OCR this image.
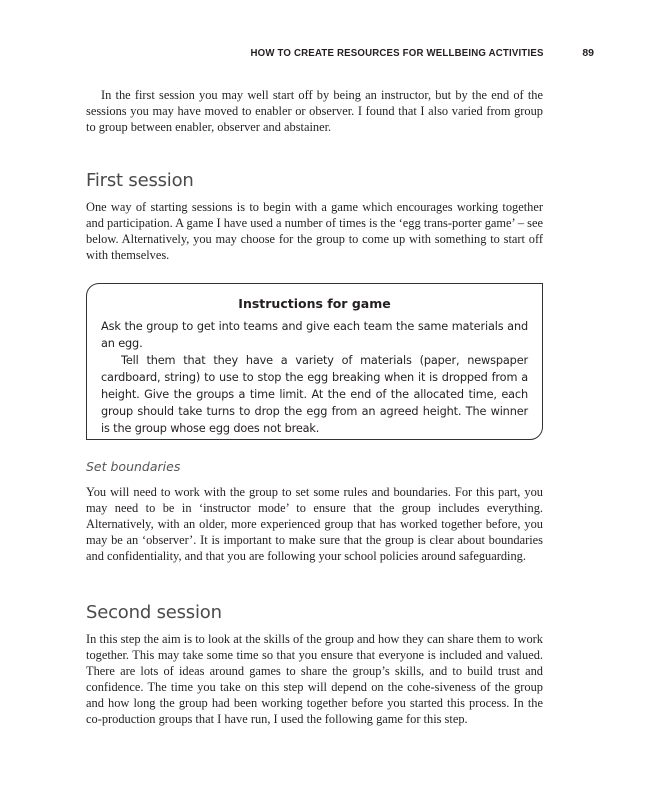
HOW TO CREATE RESOURCES FOR WELLBEING ACTIVITIES	89

In the first session you may well start off by being an instructor, but by the end of the sessions you may have moved to enabler or observer. I found that I also varied from group to group between enabler, observer and abstainer.

First session

One way of starting sessions is to begin with a game which encourages working together and participation. A game I have used a number of times is the ‘egg trans-porter game’ – see below. Alternatively, you may choose for the group to come up with something to start off with themselves.

Instructions for game

Ask the group to get into teams and give each team the same materials and an egg.

Tell them that they have a variety of materials (paper, newspaper cardboard, string) to use to stop the egg breaking when it is dropped from a height. Give the groups a time limit. At the end of the allocated time, each group should take turns to drop the egg from an agreed height. The winner is the group whose egg does not break.

Set boundaries

You will need to work with the group to set some rules and boundaries. For this part, you may need to be in ‘instructor mode’ to ensure that the group includes everything. Alternatively, with an older, more experienced group that has worked together before, you may be an ‘observer’. It is important to make sure that the group is clear about boundaries and confidentiality, and that you are following your school policies around safeguarding.

Second session

In this step the aim is to look at the skills of the group and how they can share them to work together. This may take some time so that you ensure that everyone is included and valued. There are lots of ideas around games to share the group’s skills, and to build trust and confidence. The time you take on this step will depend on the cohe-siveness of the group and how long the group had been working together before you started this process. In the co-production groups that I have run, I used the following game for this step.
